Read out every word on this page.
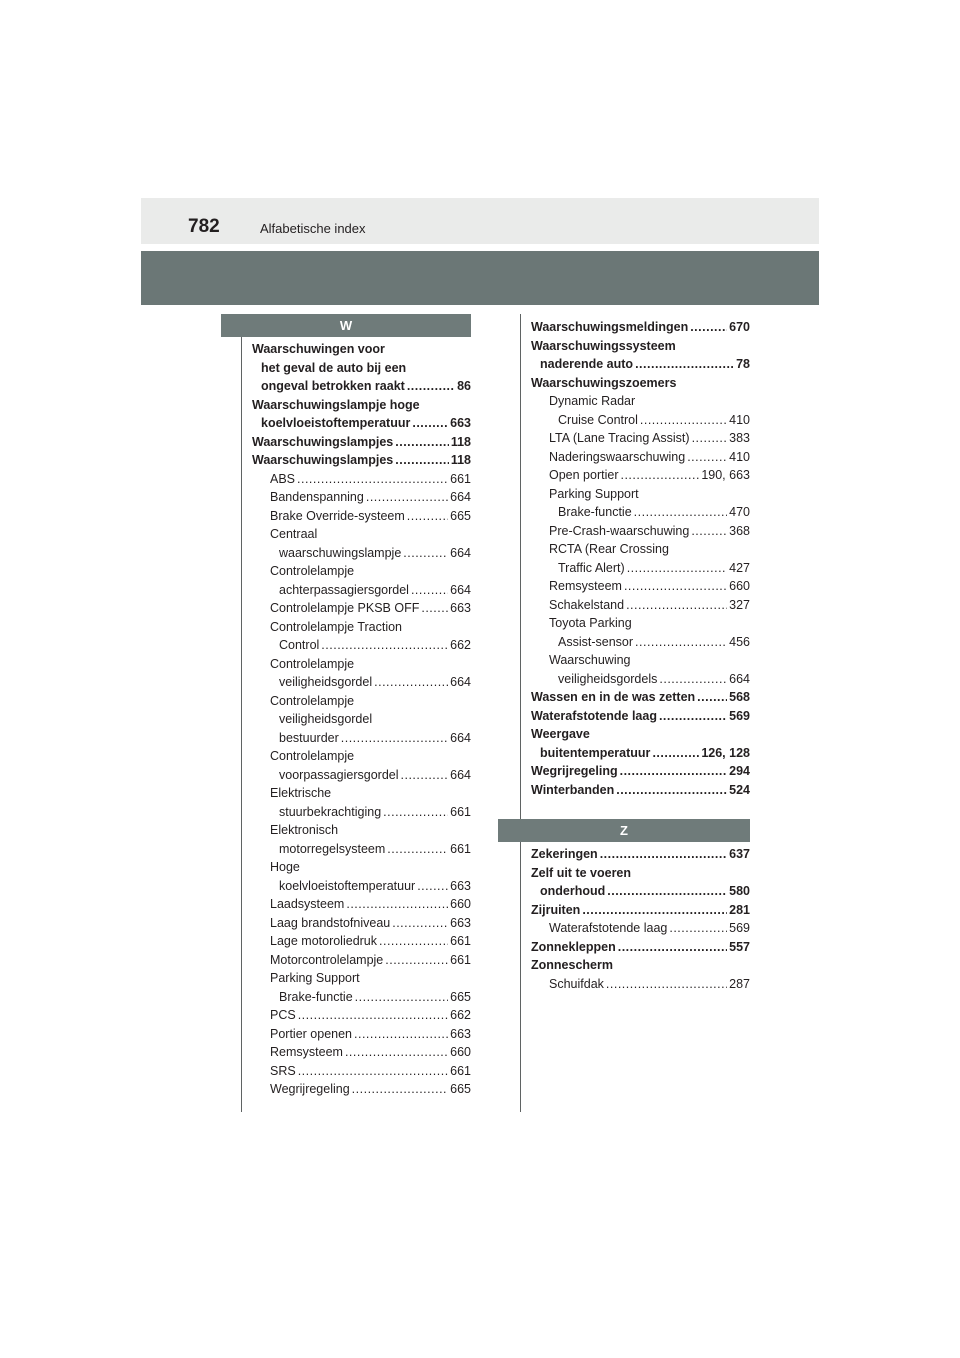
782	Alfabetische index
W
Waarschuwingen voor
het geval de auto bij een
ongeval betrokken raakt .....	86
Waarschuwingslampje hoge
koelvloeistoftemperatuur .....	663
Waarschuwingslampjes .....	118
Waarschuwingslampjes .....	118
ABS .....	661
Bandenspanning .....	664
Brake Override-systeem .....	665
Centraal
waarschuwingslampje .....	664
Controlelampje
achterpassagiersgordel .....	664
Controlelampje PKSB OFF ..... 663
Controlelampje Traction
Control .....	662
Controlelampje
veiligheidsgordel .....	664
Controlelampje
veiligheidsgordel
bestuurder .....	664
Controlelampje
voorpassagiersgordel .....	664
Elektrische
stuurbekrachtiging .....	661
Elektronisch
motorregelsysteem .....	661
Hoge
koelvloeistoftemperatuur .....	663
Laadsysteem .....	660
Laag brandstofniveau .....	663
Lage motoroliedruk .....	661
Motorcontrolelampje .....	661
Parking Support
Brake-functie .....	665
PCS .....	662
Portier openen .....	663
Remsysteem .....	660
SRS .....	661
Wegrijregeling .....	665
Waarschuwingsmeldingen .....	670
Waarschuwingssysteem
naderende auto .....	78
Waarschuwingszoemers
Dynamic Radar
Cruise Control .....	410
LTA (Lane Tracing Assist) .....	383
Naderingswaarschuwing .....	410
Open portier .....	190, 663
Parking Support
Brake-functie .....	470
Pre-Crash-waarschuwing .....	368
RCTA (Rear Crossing
Traffic Alert) .....	427
Remsysteem .....	660
Schakelstand .....	327
Toyota Parking
Assist-sensor .....	456
Waarschuwing
veiligheidsgordels .....	664
Wassen en in de was zetten .....	568
Waterafstotende laag .....	569
Weergave
buitentemperatuur .....	126, 128
Wegrijregeling .....	294
Winterbanden .....	524
Z
Zekeringen .....	637
Zelf uit te voeren
onderhoud .....	580
Zijruiten .....	281
Waterafstotende laag .....	569
Zonnekleppen .....	557
Zonnescherm
Schuifdak .....	287
